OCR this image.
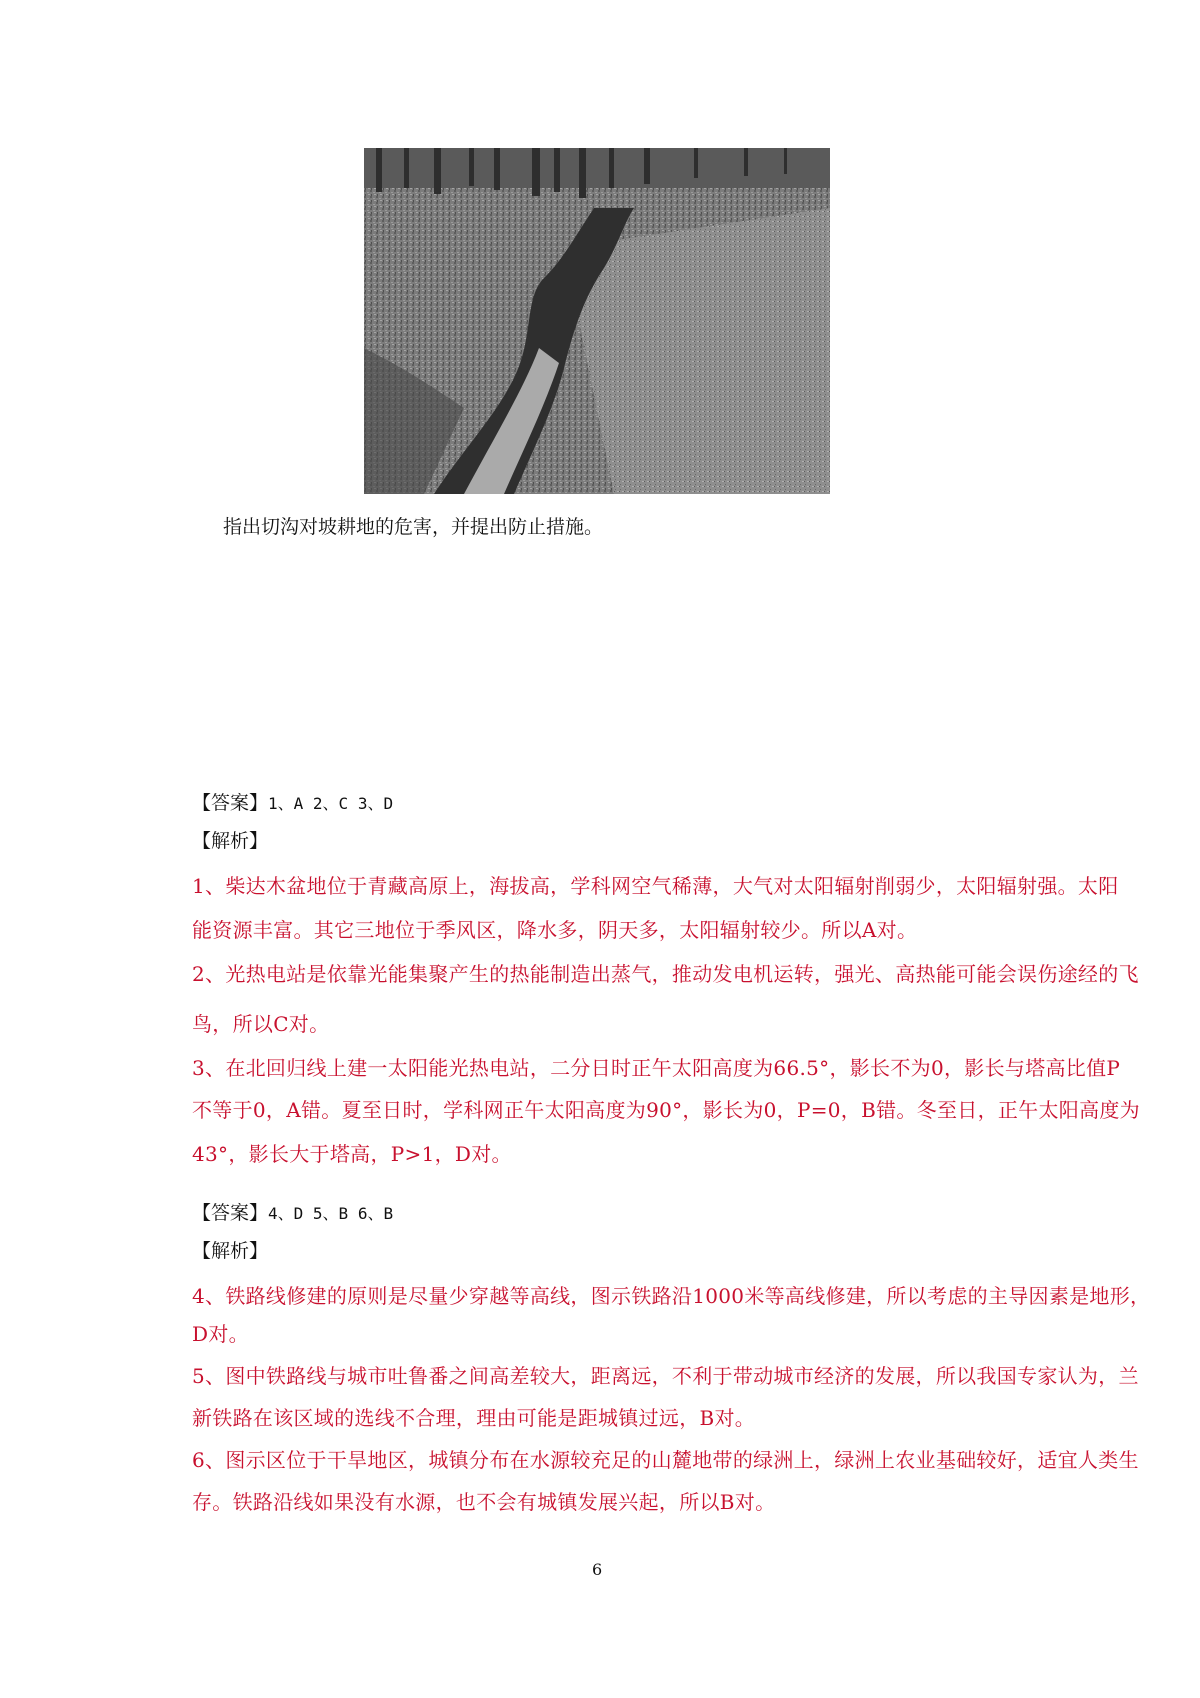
指出切沟对坡耕地的危害，并提出防止措施。
【答案】1、A 2、C 3、D
【解析】
1、柴达木盆地位于青藏高原上，海拔高，学科网空气稀薄，大气对太阳辐射削弱少，太阳辐射强。太阳
能资源丰富。其它三地位于季风区，降水多，阴天多，太阳辐射较少。所以A对。
2、光热电站是依靠光能集聚产生的热能制造出蒸气，推动发电机运转，强光、高热能可能会误伤途经的飞
鸟，所以C对。
3、在北回归线上建一太阳能光热电站，二分日时正午太阳高度为66.5°，影长不为0，影长与塔高比值P
不等于0，A错。夏至日时，学科网正午太阳高度为90°，影长为0，P=0，B错。冬至日，正午太阳高度为
43°，影长大于塔高，P>1，D对。
【答案】4、D 5、B 6、B
【解析】
4、铁路线修建的原则是尽量少穿越等高线，图示铁路沿1000米等高线修建，所以考虑的主导因素是地形，
D对。
5、图中铁路线与城市吐鲁番之间高差较大，距离远，不利于带动城市经济的发展，所以我国专家认为，兰
新铁路在该区域的选线不合理，理由可能是距城镇过远，B对。
6、图示区位于干旱地区，城镇分布在水源较充足的山麓地带的绿洲上，绿洲上农业基础较好，适宜人类生
存。铁路沿线如果没有水源，也不会有城镇发展兴起，所以B对。
6
